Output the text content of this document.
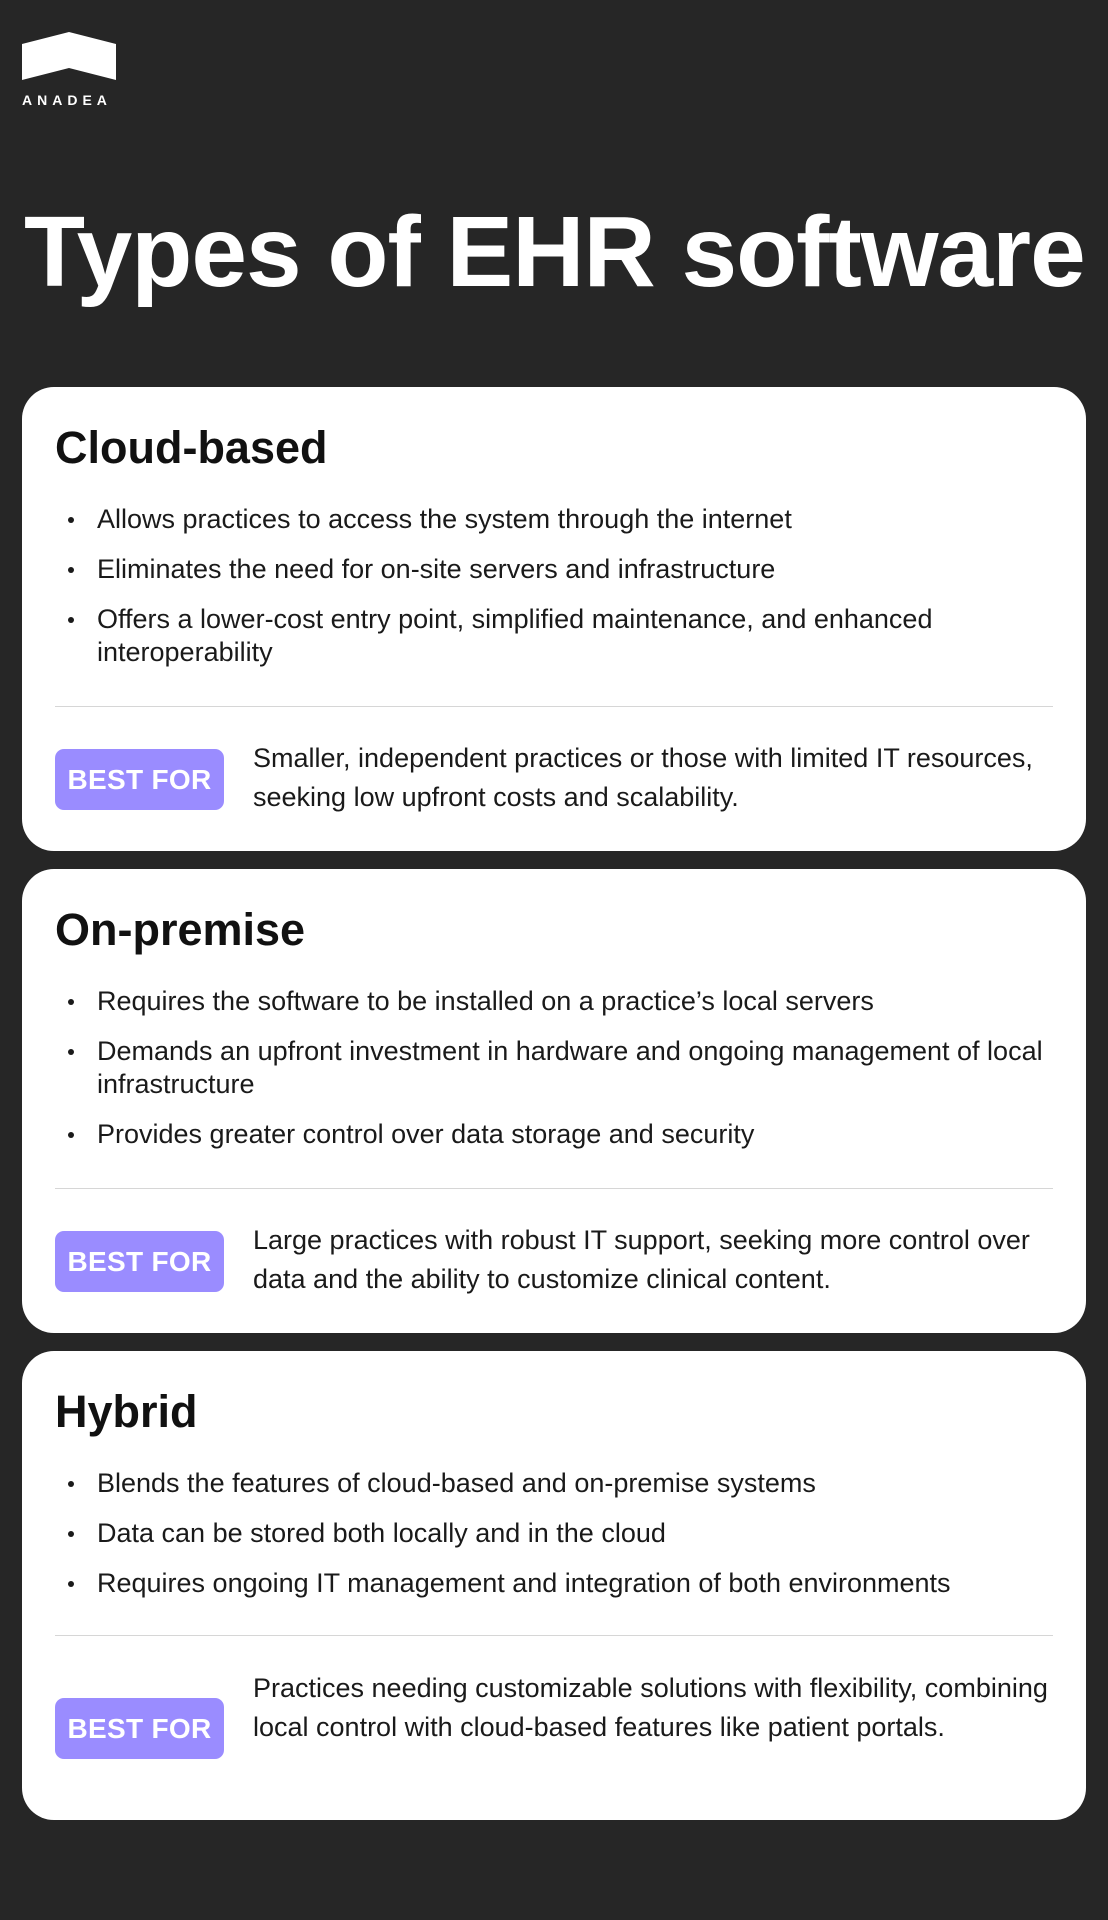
ANADEA
Types of EHR software
Cloud-based
Allows practices to access the system through the internet
Eliminates the need for on-site servers and infrastructure
Offers a lower-cost entry point, simplified maintenance, and enhanced interoperability
BEST FOR

Smaller, independent practices or those with limited IT resources, seeking low upfront costs and scalability.

On-premise
Requires the software to be installed on a practice’s local servers
Demands an upfront investment in hardware and ongoing management of local infrastructure
Provides greater control over data storage and security
BEST FOR

Large practices with robust IT support, seeking more control over data and the ability to customize clinical content.

Hybrid
Blends the features of cloud-based and on-premise systems
Data can be stored both locally and in the cloud
Requires ongoing IT management and integration of both environments
BEST FOR

Practices needing customizable solutions with flexibility, combining local control with cloud-based features like patient portals.
